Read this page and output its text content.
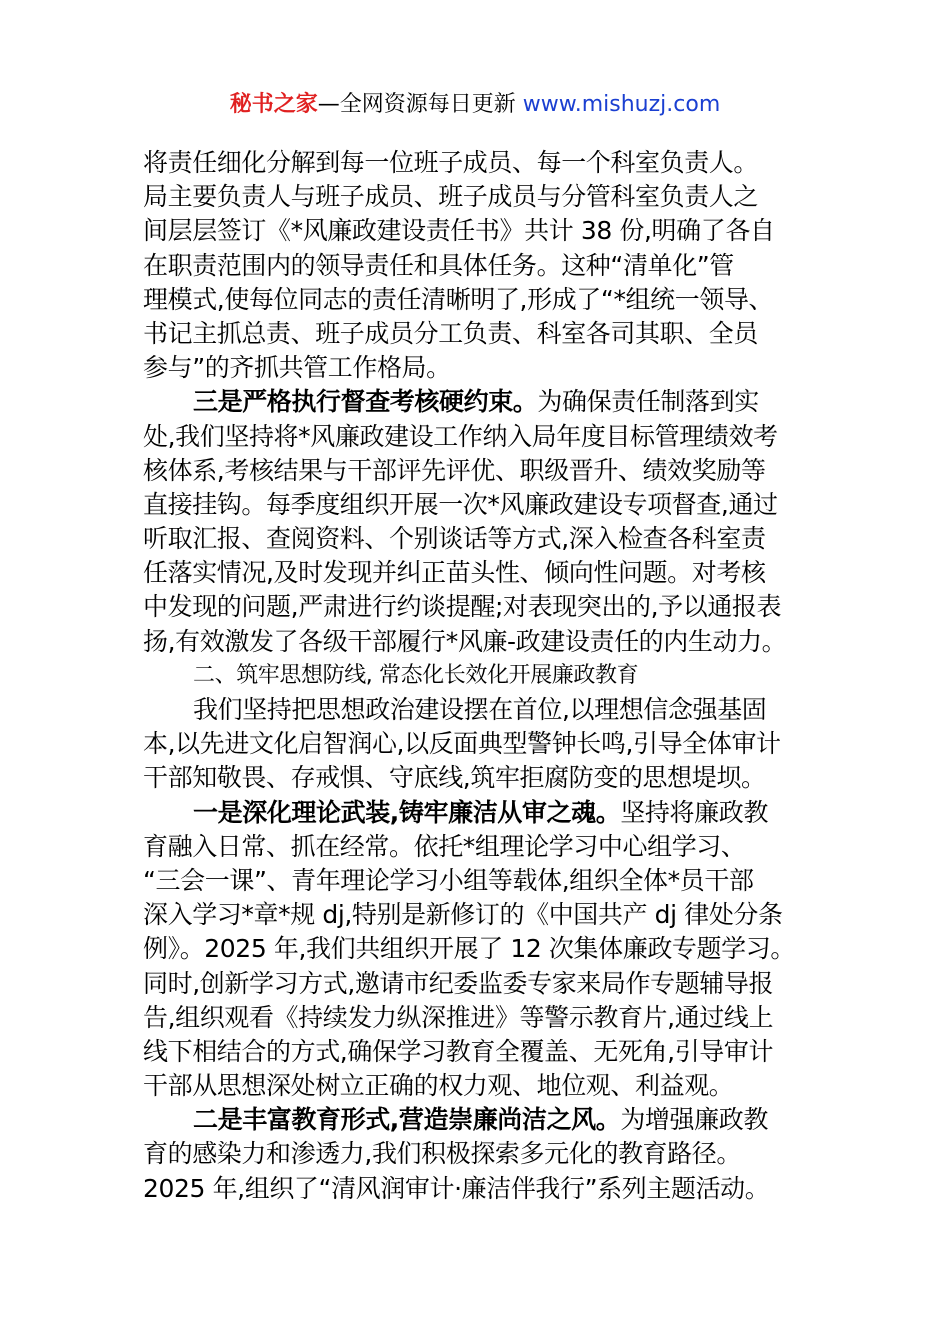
秘书之家—全网资源每日更新 www.mishuzj.com
将责任细化分解到每一位班子成员、每一个科室负责人。
局主要负责人与班子成员、班子成员与分管科室负责人之
间层层签订《*风廉政建设责任书》共计 38 份,明确了各自
在职责范围内的领导责任和具体任务。这种“清单化”管
理模式,使每位同志的责任清晰明了,形成了“*组统一领导、
书记主抓总责、班子成员分工负责、科室各司其职、全员
参与”的齐抓共管工作格局。
三是严格执行督查考核硬约束。为确保责任制落到实
处,我们坚持将*风廉政建设工作纳入局年度目标管理绩效考
核体系,考核结果与干部评先评优、职级晋升、绩效奖励等
直接挂钩。每季度组织开展一次*风廉政建设专项督查,通过
听取汇报、查阅资料、个别谈话等方式,深入检查各科室责
任落实情况,及时发现并纠正苗头性、倾向性问题。对考核
中发现的问题,严肃进行约谈提醒;对表现突出的,予以通报表
扬,有效激发了各级干部履行*风廉-政建设责任的内生动力。
二、筑牢思想防线, 常态化长效化开展廉政教育
我们坚持把思想政治建设摆在首位,以理想信念强基固
本,以先进文化启智润心,以反面典型警钟长鸣,引导全体审计
干部知敬畏、存戒惧、守底线,筑牢拒腐防变的思想堤坝。
一是深化理论武装,铸牢廉洁从审之魂。坚持将廉政教
育融入日常、抓在经常。依托*组理论学习中心组学习、
“三会一课”、青年理论学习小组等载体,组织全体*员干部
深入学习*章*规 dj,特别是新修订的《中国共产 dj 律处分条
例》。2025 年,我们共组织开展了 12 次集体廉政专题学习。
同时,创新学习方式,邀请市纪委监委专家来局作专题辅导报
告,组织观看《持续发力纵深推进》等警示教育片,通过线上
线下相结合的方式,确保学习教育全覆盖、无死角,引导审计
干部从思想深处树立正确的权力观、地位观、利益观。
二是丰富教育形式,营造崇廉尚洁之风。为增强廉政教
育的感染力和渗透力,我们积极探索多元化的教育路径。
2025 年,组织了“清风润审计·廉洁伴我行”系列主题活动。
